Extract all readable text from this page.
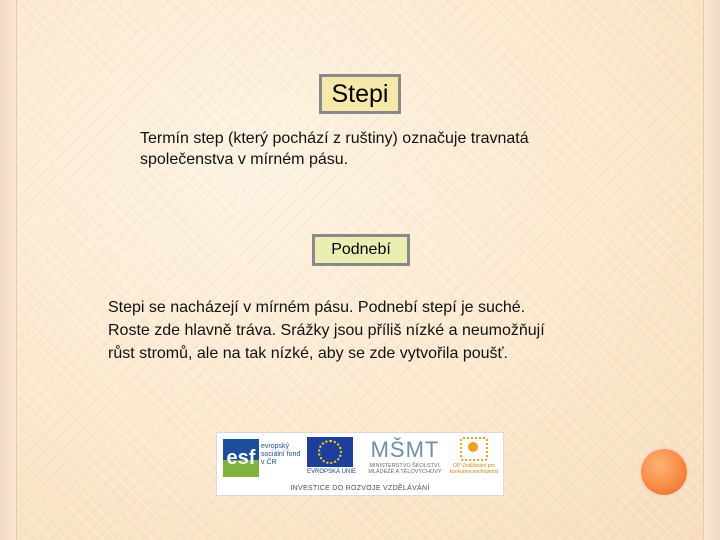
Stepi
Termín step (který pochází z ruštiny) označuje travnatá
společenstva v mírném pásu.
Podnebí
Stepi se nacházejí v mírném pásu. Podnebí stepí je suché.
Roste zde hlavně tráva. Srážky jsou příliš nízké a neumožňují
růst stromů, ale na tak nízké, aby se zde vytvořila poušť.
esf
evropský sociální fond v ČR
EVROPSKÁ UNIE
MŠMT
MINISTERSTVO ŠKOLSTVÍ, MLÁDEŽE A TĚLOVÝCHOVY
OP Vzdělávání pro konkurenceschopnost
INVESTICE DO ROZVOJE VZDĚLÁVÁNÍ
